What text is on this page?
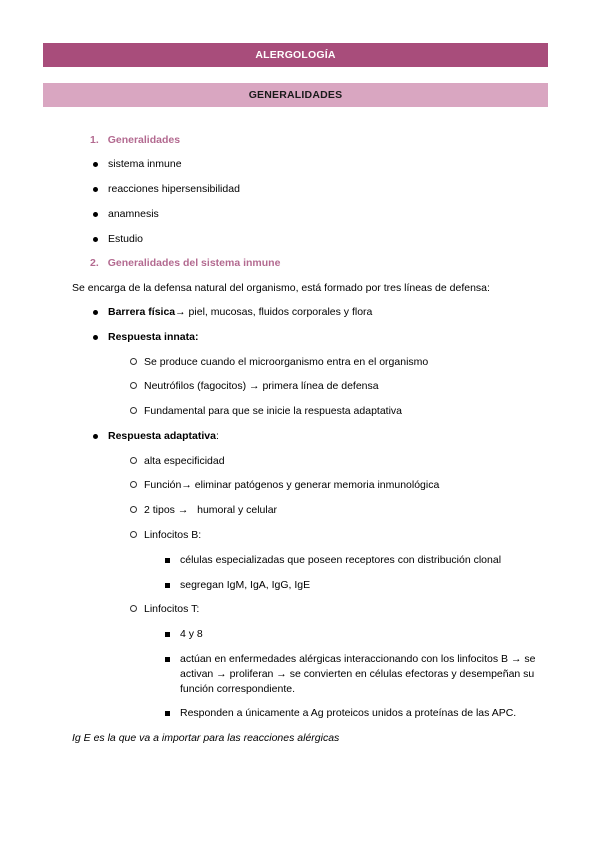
ALERGOLOGÍA
GENERALIDADES
1. Generalidades
sistema inmune
reacciones hipersensibilidad
anamnesis
Estudio
2. Generalidades del sistema inmune
Se encarga de la defensa natural del organismo, está formado por tres líneas de defensa:
Barrera física→ piel, mucosas, fluidos corporales y flora
Respuesta innata:
Se produce cuando el microorganismo entra en el organismo
Neutrófilos (fagocitos) → primera línea de defensa
Fundamental para que se inicie la respuesta adaptativa
Respuesta adaptativa:
alta especificidad
Función→ eliminar patógenos y generar memoria inmunológica
2 tipos →   humoral y celular
Linfocitos B:
células especializadas que poseen receptores con distribución clonal
segregan IgM, IgA, IgG, IgE
Linfocitos T:
4 y 8
actúan en enfermedades alérgicas interaccionando con los linfocitos B → se
activan → proliferan → se convierten en células efectoras y desempeñan su
función correspondiente.
Responden a únicamente a Ag proteicos unidos a proteínas de las APC.
Ig E es la que va a importar para las reacciones alérgicas
